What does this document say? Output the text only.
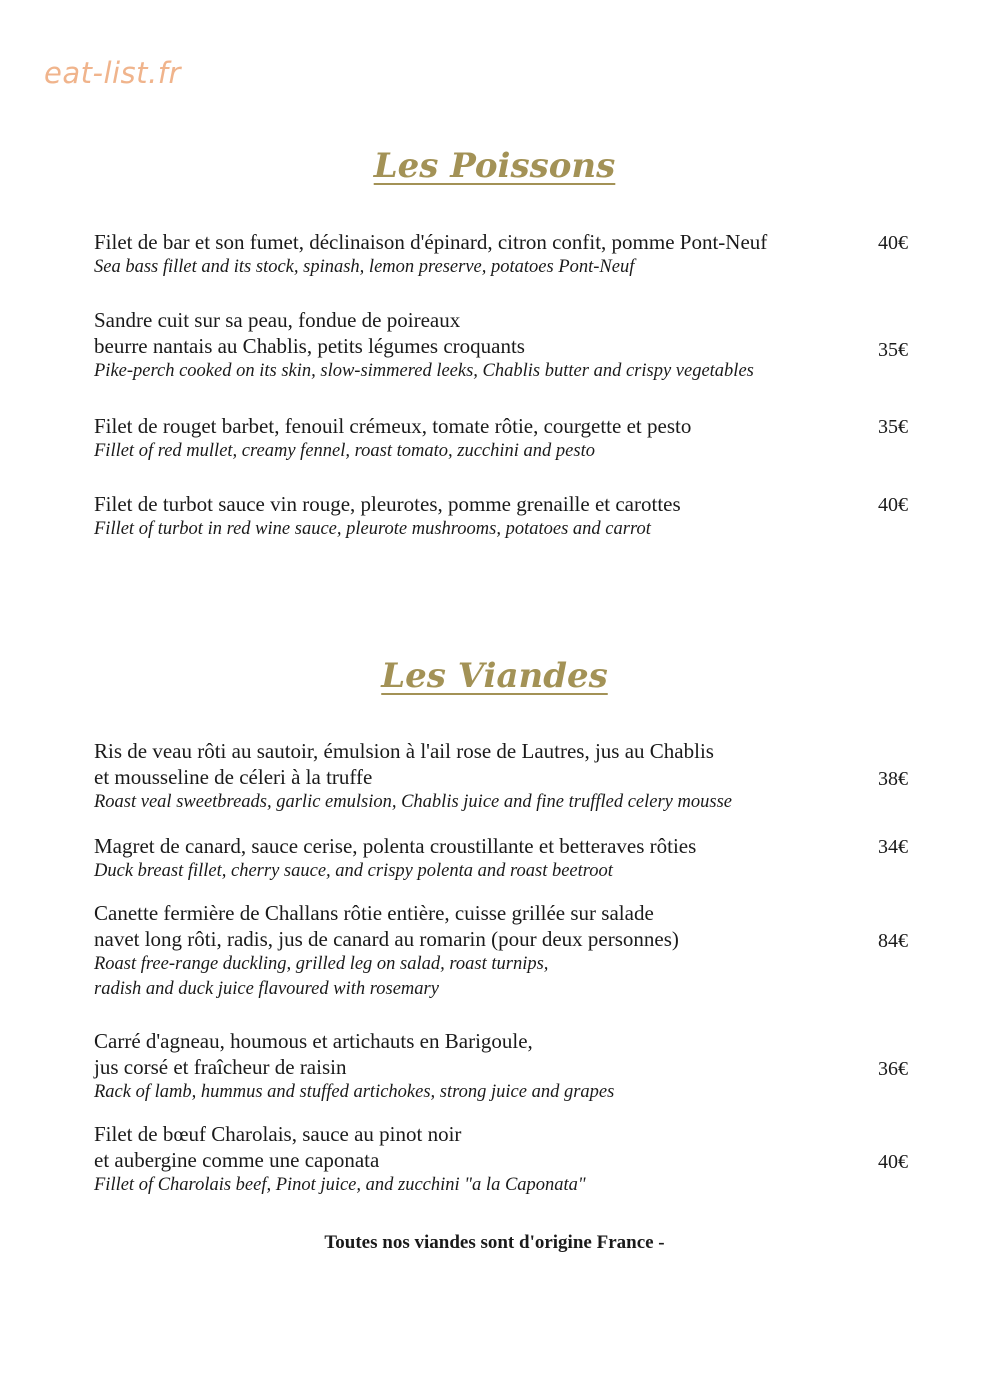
eat-list.fr
Les Poissons
Filet de bar et son fumet, déclinaison d'épinard, citron confit, pomme Pont-Neuf
Sea bass fillet and its stock, spinash, lemon preserve, potatoes Pont-Neuf
40€
Sandre cuit sur sa peau, fondue de poireaux
beurre nantais au Chablis, petits légumes croquants
Pike-perch cooked on its skin, slow-simmered leeks, Chablis butter and crispy vegetables
35€
Filet de rouget barbet, fenouil crémeux, tomate rôtie, courgette et pesto
Fillet of red mullet, creamy fennel, roast tomato, zucchini and pesto
35€
Filet de turbot sauce vin rouge, pleurotes, pomme grenaille et carottes
Fillet of turbot in red wine sauce, pleurote mushrooms, potatoes and carrot
40€
Les Viandes
Ris de veau rôti au sautoir, émulsion à l'ail rose de Lautres, jus au Chablis
et mousseline de céleri à la truffe
Roast veal sweetbreads, garlic emulsion, Chablis juice and fine truffled celery mousse
38€
Magret de canard, sauce cerise, polenta croustillante et betteraves rôties
Duck breast fillet, cherry sauce, and crispy polenta and roast beetroot
34€
Canette fermière de Challans rôtie entière, cuisse grillée sur salade
navet long rôti, radis, jus de canard au romarin (pour deux personnes)
Roast free-range duckling, grilled leg on salad, roast turnips,
radish and duck juice flavoured with rosemary
84€
Carré d'agneau, houmous et artichauts en Barigoule,
jus corsé et fraîcheur de raisin
Rack of lamb, hummus and stuffed artichokes, strong juice and grapes
36€
Filet de bœuf Charolais, sauce au pinot noir
et aubergine comme une caponata
Fillet of Charolais beef, Pinot juice, and zucchini "a la Caponata"
40€
Toutes nos viandes sont d'origine France -
